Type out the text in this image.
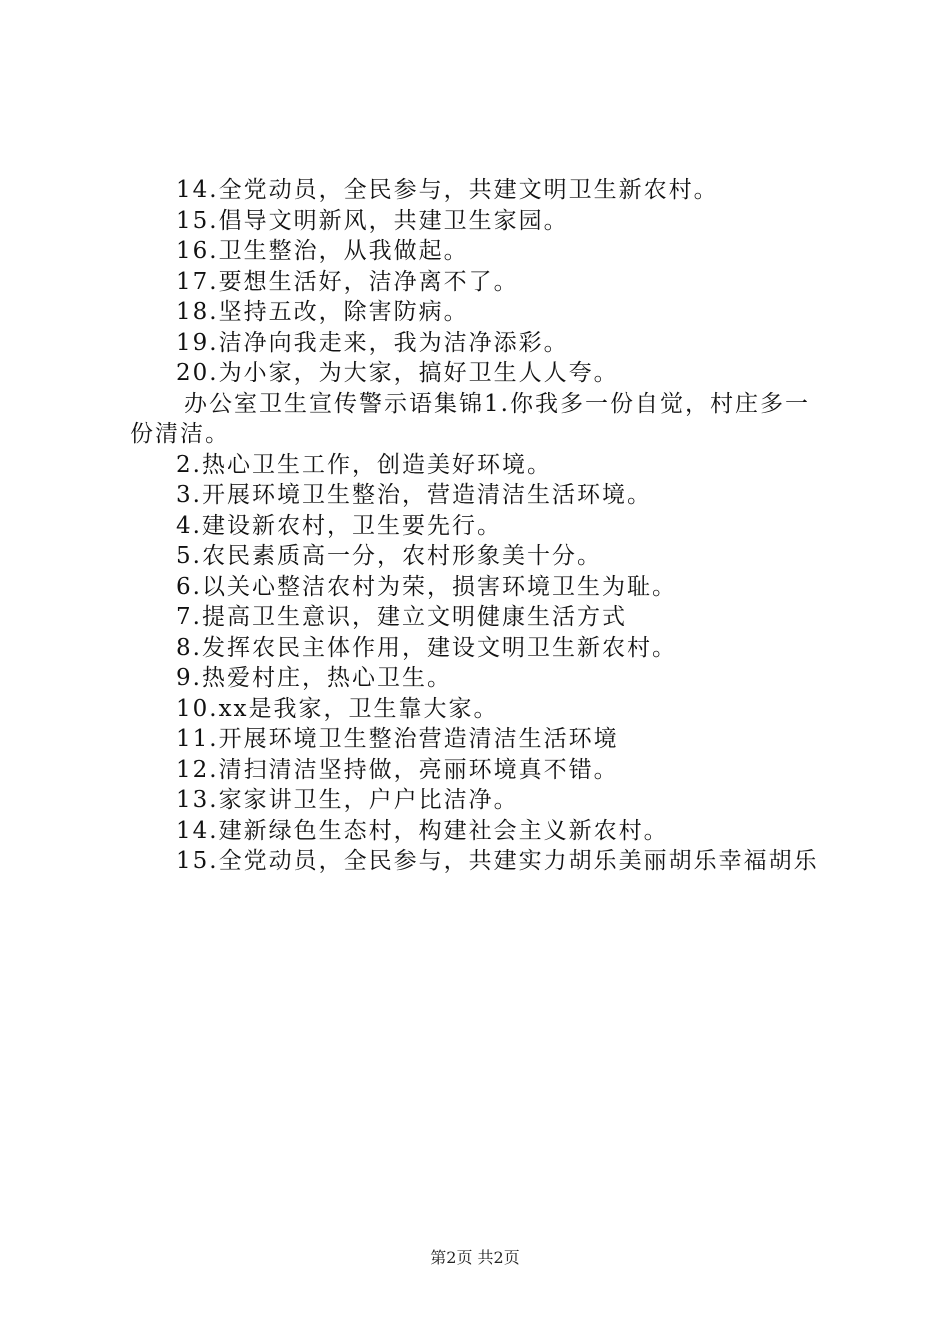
14.全党动员，全民参与，共建文明卫生新农村。
15.倡导文明新风，共建卫生家园。
16.卫生整治，从我做起。
17.要想生活好，洁净离不了。
18.坚持五改，除害防病。
19.洁净向我走来，我为洁净添彩。
20.为小家，为大家，搞好卫生人人夸。
办公室卫生宣传警示语集锦1.你我多一份自觉，村庄多一份清洁。
2.热心卫生工作，创造美好环境。
3.开展环境卫生整治，营造清洁生活环境。
4.建设新农村，卫生要先行。
5.农民素质高一分，农村形象美十分。
6.以关心整洁农村为荣，损害环境卫生为耻。
7.提高卫生意识，建立文明健康生活方式
8.发挥农民主体作用，建设文明卫生新农村。
9.热爱村庄，热心卫生。
10.xx是我家，卫生靠大家。
11.开展环境卫生整治营造清洁生活环境
12.清扫清洁坚持做，亮丽环境真不错。
13.家家讲卫生，户户比洁净。
14.建新绿色生态村，构建社会主义新农村。
15.全党动员，全民参与，共建实力胡乐美丽胡乐幸福胡乐
第2页 共2页
